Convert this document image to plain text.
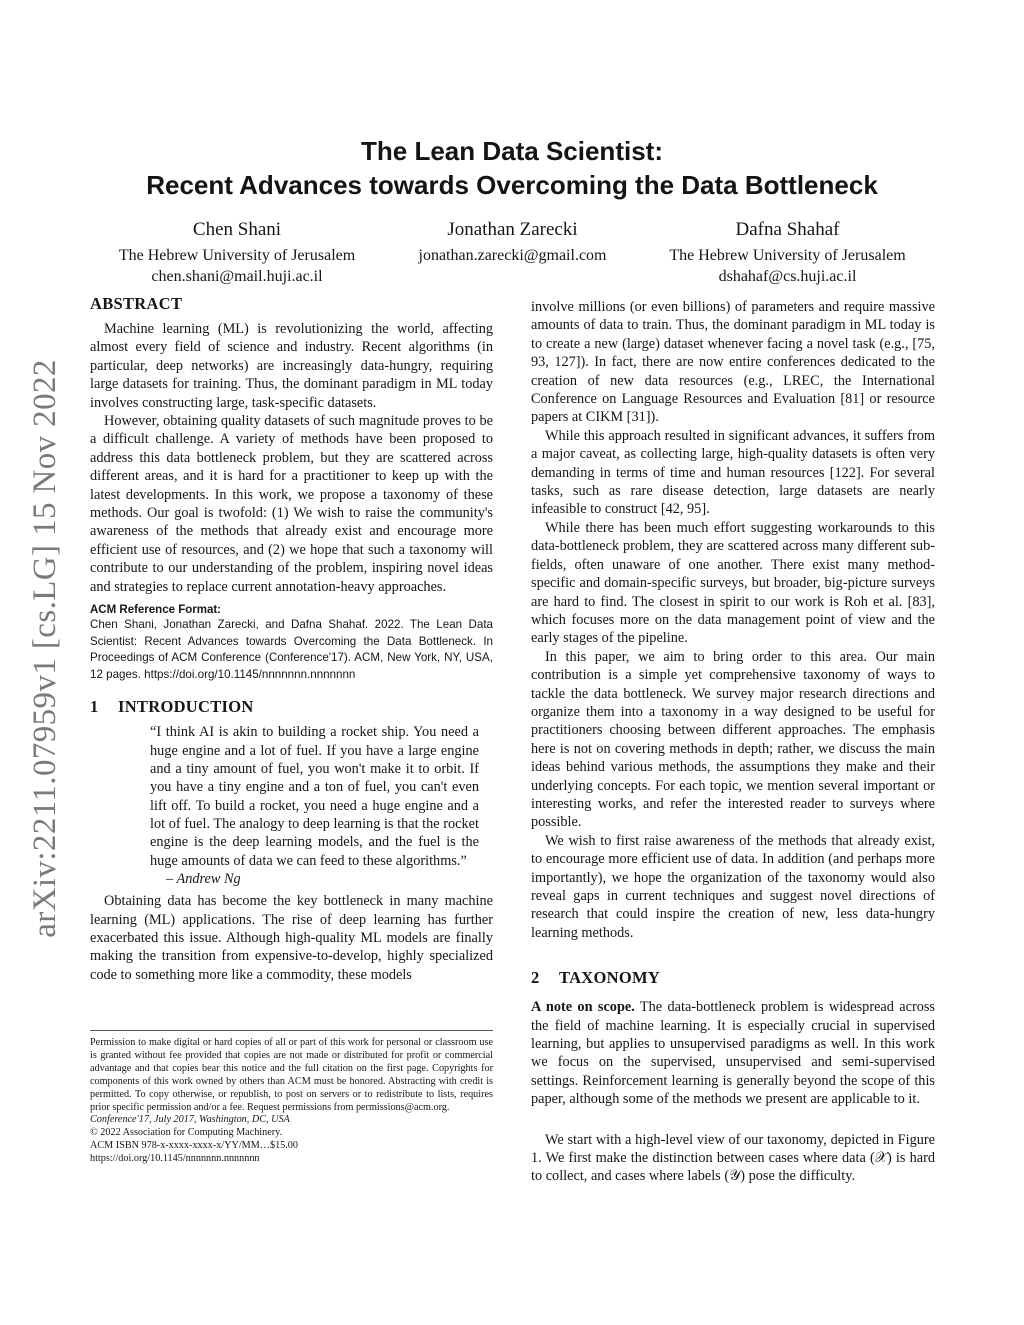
arXiv:2211.07959v1 [cs.LG] 15 Nov 2022
The Lean Data Scientist:
Recent Advances towards Overcoming the Data Bottleneck
Chen Shani
The Hebrew University of Jerusalem
chen.shani@mail.huji.ac.il
Jonathan Zarecki
jonathan.zarecki@gmail.com
Dafna Shahaf
The Hebrew University of Jerusalem
dshahaf@cs.huji.ac.il
ABSTRACT

Machine learning (ML) is revolutionizing the world, affecting almost every field of science and industry. Recent algorithms (in particular, deep networks) are increasingly data-hungry, requiring large datasets for training. Thus, the dominant paradigm in ML today involves constructing large, task-specific datasets.

However, obtaining quality datasets of such magnitude proves to be a difficult challenge. A variety of methods have been proposed to address this data bottleneck problem, but they are scattered across different areas, and it is hard for a practitioner to keep up with the latest developments. In this work, we propose a taxonomy of these methods. Our goal is twofold: (1) We wish to raise the community's awareness of the methods that already exist and encourage more efficient use of resources, and (2) we hope that such a taxonomy will contribute to our understanding of the problem, inspiring novel ideas and strategies to replace current annotation-heavy approaches.

ACM Reference Format:
Chen Shani, Jonathan Zarecki, and Dafna Shahaf. 2022. The Lean Data Scientist: Recent Advances towards Overcoming the Data Bottleneck. In Proceedings of ACM Conference (Conference'17). ACM, New York, NY, USA, 12 pages. https://doi.org/10.1145/nnnnnnn.nnnnnnn
1 INTRODUCTION

“I think AI is akin to building a rocket ship. You need a huge engine and a lot of fuel. If you have a large engine and a tiny amount of fuel, you won't make it to orbit. If you have a tiny engine and a ton of fuel, you can't even lift off. To build a rocket, you need a huge engine and a lot of fuel. The analogy to deep learning is that the rocket engine is the deep learning models, and the fuel is the huge amounts of data we can feed to these algorithms.”

– Andrew Ng

Obtaining data has become the key bottleneck in many machine learning (ML) applications. The rise of deep learning has further exacerbated this issue. Although high-quality ML models are finally making the transition from expensive-to-develop, highly specialized code to something more like a commodity, these models

Permission to make digital or hard copies of all or part of this work for personal or classroom use is granted without fee provided that copies are not made or distributed for profit or commercial advantage and that copies bear this notice and the full citation on the first page. Copyrights for components of this work owned by others than ACM must be honored. Abstracting with credit is permitted. To copy otherwise, or republish, to post on servers or to redistribute to lists, requires prior specific permission and/or a fee. Request permissions from permissions@acm.org.

Conference'17, July 2017, Washington, DC, USA

© 2022 Association for Computing Machinery.

ACM ISBN 978-x-xxxx-xxxx-x/YY/MM…$15.00

https://doi.org/10.1145/nnnnnnn.nnnnnnn

involve millions (or even billions) of parameters and require massive amounts of data to train. Thus, the dominant paradigm in ML today is to create a new (large) dataset whenever facing a novel task (e.g., [75, 93, 127]). In fact, there are now entire conferences dedicated to the creation of new data resources (e.g., LREC, the International Conference on Language Resources and Evaluation [81] or resource papers at CIKM [31]).

While this approach resulted in significant advances, it suffers from a major caveat, as collecting large, high-quality datasets is often very demanding in terms of time and human resources [122]. For several tasks, such as rare disease detection, large datasets are nearly infeasible to construct [42, 95].

While there has been much effort suggesting workarounds to this data-bottleneck problem, they are scattered across many different sub-fields, often unaware of one another. There exist many method-specific and domain-specific surveys, but broader, big-picture surveys are hard to find. The closest in spirit to our work is Roh et al. [83], which focuses more on the data management point of view and the early stages of the pipeline.

In this paper, we aim to bring order to this area. Our main contribution is a simple yet comprehensive taxonomy of ways to tackle the data bottleneck. We survey major research directions and organize them into a taxonomy in a way designed to be useful for practitioners choosing between different approaches. The emphasis here is not on covering methods in depth; rather, we discuss the main ideas behind various methods, the assumptions they make and their underlying concepts. For each topic, we mention several important or interesting works, and refer the interested reader to surveys where possible.

We wish to first raise awareness of the methods that already exist, to encourage more efficient use of data. In addition (and perhaps more importantly), we hope the organization of the taxonomy would also reveal gaps in current techniques and suggest novel directions of research that could inspire the creation of new, less data-hungry learning methods.

2 TAXONOMY

A note on scope. The data-bottleneck problem is widespread across the field of machine learning. It is especially crucial in supervised learning, but applies to unsupervised paradigms as well. In this work we focus on the supervised, unsupervised and semi-supervised settings. Reinforcement learning is generally beyond the scope of this paper, although some of the methods we present are applicable to it.

We start with a high-level view of our taxonomy, depicted in Figure 1. We first make the distinction between cases where data (𝒳) is hard to collect, and cases where labels (𝒴) pose the difficulty.
